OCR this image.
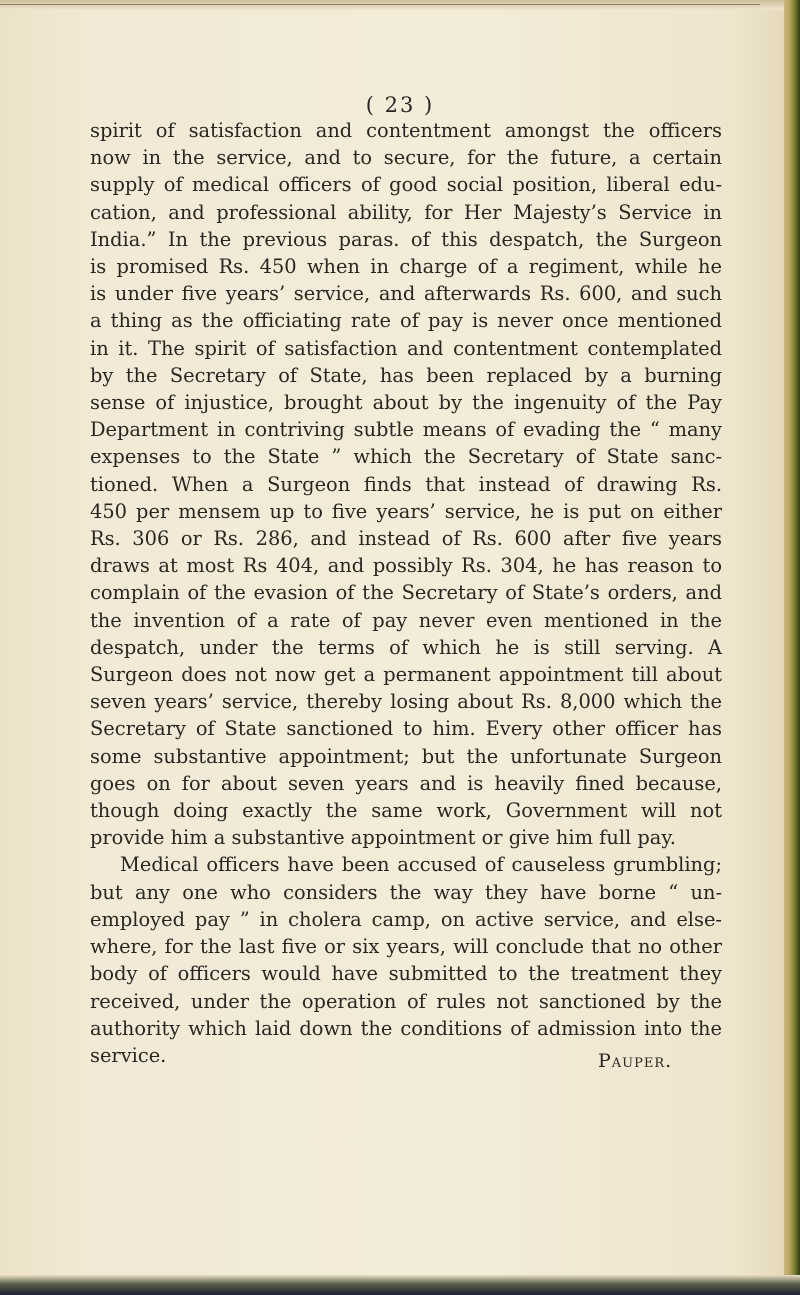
( 23 )
spirit of satisfaction and contentment amongst the officers
now in the service, and to secure, for the future, a certain
supply of medical officers of good social position, liberal edu-
cation, and professional ability, for Her Majesty’s Service in
India.” In the previous paras. of this despatch, the Surgeon
is promised Rs. 450 when in charge of a regiment, while he
is under five years’ service, and afterwards Rs. 600, and such
a thing as the officiating rate of pay is never once mentioned
in it. The spirit of satisfaction and contentment contemplated
by the Secretary of State, has been replaced by a burning
sense of injustice, brought about by the ingenuity of the Pay
Department in contriving subtle means of evading the “ many
expenses to the State ” which the Secretary of State sanc-
tioned. When a Surgeon finds that instead of drawing Rs.
450 per mensem up to five years’ service, he is put on either
Rs. 306 or Rs. 286, and instead of Rs. 600 after five years
draws at most Rs 404, and possibly Rs. 304, he has reason to
complain of the evasion of the Secretary of State’s orders, and
the invention of a rate of pay never even mentioned in the
despatch, under the terms of which he is still serving. A
Surgeon does not now get a permanent appointment till about
seven years’ service, thereby losing about Rs. 8,000 which the
Secretary of State sanctioned to him. Every other officer has
some substantive appointment; but the unfortunate Surgeon
goes on for about seven years and is heavily fined because,
though doing exactly the same work, Government will not
provide him a substantive appointment or give him full pay.
Medical officers have been accused of causeless grumbling;
but any one who considers the way they have borne “ un-
employed pay ” in cholera camp, on active service, and else-
where, for the last five or six years, will conclude that no other
body of officers would have submitted to the treatment they
received, under the operation of rules not sanctioned by the
authority which laid down the conditions of admission into the
service.	Pauper.
